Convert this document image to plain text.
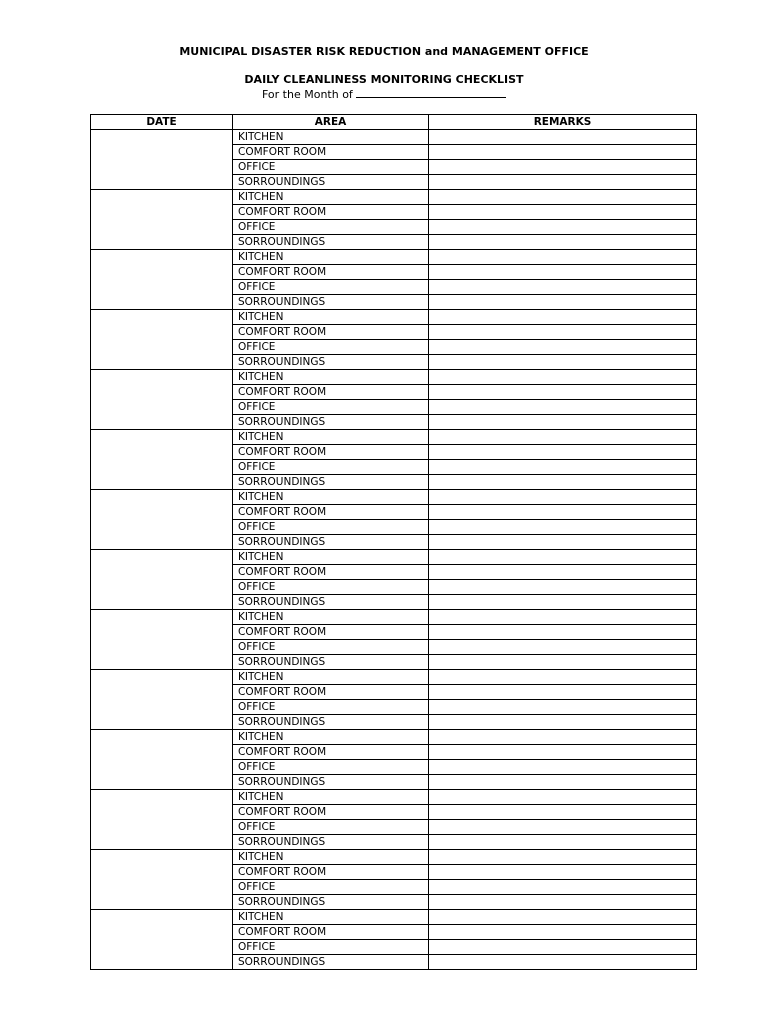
MUNICIPAL DISASTER RISK REDUCTION and MANAGEMENT OFFICE
DAILY CLEANLINESS MONITORING CHECKLIST
For the Month of
DATE	AREA	REMARKS
	KITCHEN	
	COMFORT ROOM	
	OFFICE	
	SORROUNDINGS	
	KITCHEN	
	COMFORT ROOM	
	OFFICE	
	SORROUNDINGS	
	KITCHEN	
	COMFORT ROOM	
	OFFICE	
	SORROUNDINGS	
	KITCHEN	
	COMFORT ROOM	
	OFFICE	
	SORROUNDINGS	
	KITCHEN	
	COMFORT ROOM	
	OFFICE	
	SORROUNDINGS	
	KITCHEN	
	COMFORT ROOM	
	OFFICE	
	SORROUNDINGS	
	KITCHEN	
	COMFORT ROOM	
	OFFICE	
	SORROUNDINGS	
	KITCHEN	
	COMFORT ROOM	
	OFFICE	
	SORROUNDINGS	
	KITCHEN	
	COMFORT ROOM	
	OFFICE	
	SORROUNDINGS	
	KITCHEN	
	COMFORT ROOM	
	OFFICE	
	SORROUNDINGS	
	KITCHEN	
	COMFORT ROOM	
	OFFICE	
	SORROUNDINGS	
	KITCHEN	
	COMFORT ROOM	
	OFFICE	
	SORROUNDINGS	
	KITCHEN	
	COMFORT ROOM	
	OFFICE	
	SORROUNDINGS	
	KITCHEN	
	COMFORT ROOM	
	OFFICE	
	SORROUNDINGS	
